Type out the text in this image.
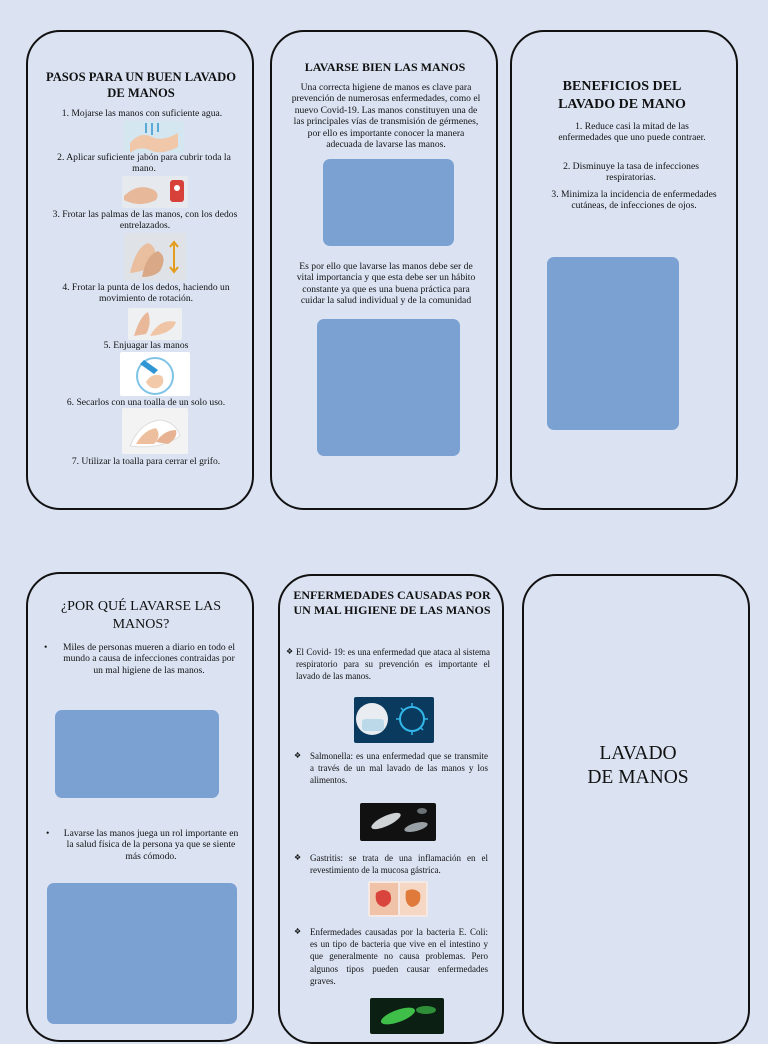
PASOS PARA UN BUEN LAVADO DE MANOS
1. Mojarse las manos con suficiente agua.
2. Aplicar suficiente jabón para cubrir toda la mano.
3. Frotar las palmas de las manos, con los dedos entrelazados.
4. Frotar la punta de los dedos, haciendo un movimiento de rotación.
5. Enjuagar las manos
6. Secarlos con una toalla de un solo uso.
7. Utilizar la toalla para cerrar el grifo.
LAVARSE BIEN LAS MANOS
Una correcta higiene de manos es clave para prevención de numerosas enfermedades, como el nuevo Covid-19. Las manos constituyen una de las principales vías de transmisión de gérmenes, por ello es importante conocer la manera adecuada de lavarse las manos.
Es por ello que lavarse las manos debe ser de vital importancia y que esta debe ser un hábito constante ya que es una buena práctica para cuidar la salud individual y de la comunidad
BENEFICIOS DEL LAVADO DE MANO
1. Reduce casi la mitad de las enfermedades que uno puede contraer.
2. Disminuye la tasa de infecciones respiratorias.
3. Minimiza la incidencia de enfermedades cutáneas, de infecciones de ojos.
¿POR QUÉ LAVARSE LAS MANOS?
•	Miles de personas mueren a diario en todo el mundo a causa de infecciones contraidas por un mal higiene de las manos.
•	Lavarse las manos juega un rol importante en la salud física de la persona ya que se siente más cómodo.
ENFERMEDADES CAUSADAS POR UN MAL HIGIENE DE LAS MANOS
❖ El Covid- 19: es una enfermedad que ataca al sistema respiratorio para su prevención es importante el lavado de las manos.
❖ Salmonella: es una enfermedad que se transmite a través de un mal lavado de las manos y los alimentos.
❖ Gastritis: se trata de una inflamación en el revestimiento de la mucosa gástrica.
❖ Enfermedades causadas por la bacteria E. Coli: es un tipo de bacteria que vive en el intestino y que generalmente no causa problemas. Pero algunos tipos pueden causar enfermedades graves.
LAVADO
DE MANOS
